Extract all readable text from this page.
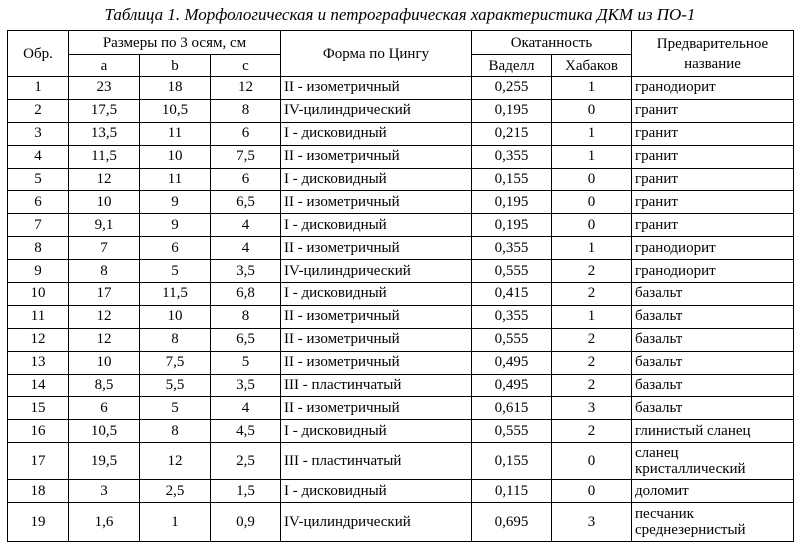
Таблица 1. Морфологическая и петрографическая характеристика ДКМ из ПО-1
Обр.	Размеры по 3 осям, см			Форма по Цингу	Окатанность		Предварительное
название

	a	b	c		Ваделл	Хабаков	
1	23	18	12	II - изометричный	0,255	1	гранодиорит
2	17,5	10,5	8	IV-цилиндрический	0,195	0	гранит
3	13,5	11	6	I - дисковидный	0,215	1	гранит
4	11,5	10	7,5	II - изометричный	0,355	1	гранит
5	12	11	6	I - дисковидный	0,155	0	гранит
6	10	9	6,5	II - изометричный	0,195	0	гранит
7	9,1	9	4	I - дисковидный	0,195	0	гранит
8	7	6	4	II - изометричный	0,355	1	гранодиорит
9	8	5	3,5	IV-цилиндрический	0,555	2	гранодиорит
10	17	11,5	6,8	I - дисковидный	0,415	2	базальт
11	12	10	8	II - изометричный	0,355	1	базальт
12	12	8	6,5	II - изометричный	0,555	2	базальт
13	10	7,5	5	II - изометричный	0,495	2	базальт
14	8,5	5,5	3,5	III - пластинчатый	0,495	2	базальт
15	6	5	4	II - изометричный	0,615	3	базальт
16	10,5	8	4,5	I - дисковидный	0,555	2	глинистый сланец
17	19,5	12	2,5	III - пластинчатый	0,155	0	сланец
кристаллический

18	3	2,5	1,5	I - дисковидный	0,115	0	доломит
19	1,6	1	0,9	IV-цилиндрический	0,695	3	песчаник
среднезернистый
